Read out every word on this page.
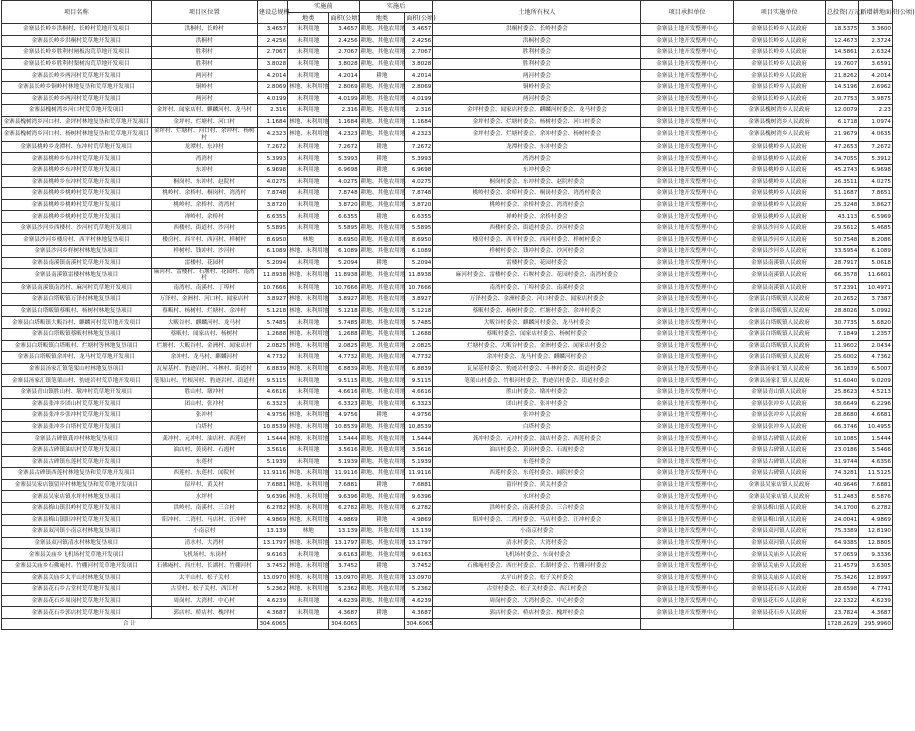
项目名称	项目区位置	建设总规模	实施前		实施后		土地所有权人	项目承担单位	项目实施单位	总投资(万元)	新增耕地面积(公顷)
			地类	面积(公顷)	地类	面积(公顷)					
金寨县长岭乡洪桐村、长岭村荒地开发项目	洪桐村、长岭村	3.4657	未利用地	3.4657	耕地、其他农用地	3.4657	洪桐村委会、长岭村委会	金寨县土地开发整理中心	金寨县长岭乡人民政府	18.5375	3.3600
金寨县长岭乡洪桐村荒草地开发项目	洪桐村	2.4256	未利用地	2.4256	耕地、其他农用地	2.4256	洪桐村委会	金寨县土地开发整理中心	金寨县长岭乡人民政府	12.4673	2.3724
金寨县长岭乡胜利村闸板沟荒草地开发项目	胜利村	2.7067	未利用地	2.7067	耕地、其他农用地	2.7067	胜利村委会	金寨县土地开发整理中心	金寨县长岭乡人民政府	14.5861	2.6324
金寨县长岭乡胜利村梨树沟荒草地开发项目	胜利村	3.8028	未利用地	3.8028	耕地、其他农用地	3.8028	胜利村委会	金寨县土地开发整理中心	金寨县长岭乡人民政府	19.7607	3.6591
金寨县长岭乡两河村荒草地开发项目	两河村	4.2014	未利用地	4.2014	耕地	4.2014	两河村委会	金寨县土地开发整理中心	金寨县长岭乡人民政府	21.8262	4.2014
金寨县长岭乡铜岭村林地复垦和荒草地开发项目	铜岭村	2.8069	林地、未利用地	2.8069	耕地、其他农用地	2.8069	铜岭村委会	金寨县土地开发整理中心	金寨县长岭乡人民政府	14.5196	2.6962
金寨县长岭乡两河村荒草地开发项目	两河村	4.0199	未利用地	4.0199	耕地、其他农用地	4.0199	两河村委会	金寨县土地开发整理中心	金寨县长岭乡人民政府	20.7753	3.9875
金寨县槐树湾乡河口村荒草地开发项目	金坪村、闻家店村、麒麟河村、龙马村	2.316	未利用地	2.316	耕地、其他农用地	2.316	金坪村委会、闻家店村委会、麒麟河村委会、龙马村委会	金寨县土地开发整理中心	金寨县槐树湾乡人民政府	12.0079	2.23
金寨县槐树湾乡河口村、金坪村林地复垦和荒草地开发项目	金坪村、烂塘村、河口村	1.1684	林地、未利用地	1.1684	耕地、其他农用地	1.1684	金坪村委会、烂塘村委会、杨树村委会、河口村委会	金寨县土地开发整理中心	金寨县槐树湾乡人民政府	6.1718	1.0974
金寨县槐树湾乡河口村、杨树村林地复垦和荒草地开发项目	金坪村、烂塘村、河口村、余冲村、杨树村	4.2323	林地、未利用地	4.2323	耕地、其他农用地	4.2323	金坪村委会、烂塘村委会、余冲村委会、杨树村委会	金寨县土地开发整理中心	金寨县槐树湾乡人民政府	21.9679	4.0635
金寨县桃岭乡龙潭村、东冲村荒草地开发项目	龙潭村、东冲村	7.2672	未利用地	7.2672	耕地	7.2672	龙潭村委会、东冲村委会	金寨县土地开发整理中心	金寨县桃岭乡人民政府	47.2653	7.2672
金寨县桃岭乡东冲村荒草地开发项目	湾湾村	5.3993	未利用地	5.3993	耕地	5.3993	湾湾村委会	金寨县土地开发整理中心	金寨县桃岭乡人民政府	34.7055	5.3912
金寨县桃岭乡东冲村荒草地开发项目	东冲村	6.9698	未利用地	6.9698	耕地	6.9698	东冲村委会	金寨县土地开发整理中心	金寨县桃岭乡人民政府	45.2743	6.9698
金寨县桃岭乡东冲村荒草地开发项目	桐岗村、东冲村、赵院村	4.0275	未利用地	4.0275	耕地、其他农用地	4.0275	桐岗村委会、东冲村委会、赵院村委会	金寨县土地开发整理中心	金寨县桃岭乡人民政府	26.3511	4.0275
金寨县桃岭乡桃岭村荒草地开发项目	桃岭村、余桥村、桐岗村、湾湾村	7.8748	未利用地	7.8748	耕地、其他农用地	7.8748	桃岭村委会、余桥村委会、桐岗村委会、湾湾村委会	金寨县土地开发整理中心	金寨县桃岭乡人民政府	51.1687	7.8651
金寨县桃岭乡桃岭村荒草地开发项目	桃岭村、余桥村、湾湾村	3.8720	未利用地	3.8720	耕地、其他农用地	3.8720	桃岭村委会、余桥村委会、湾湾村委会	金寨县土地开发整理中心	金寨县桃岭乡人民政府	25.3248	3.8627
金寨县桃岭乡桃岭村荒草地开发项目	禅岭村、余桥村	6.6355	未利用地	6.6355	耕地	6.6355	禅岭村委会、余桥村委会	金寨县土地开发整理中心	金寨县桃岭乡人民政府	43.113	6.5969
金寨县沙河乡西楼村、沙河村荒草地开发项目	西楼村、街道村、沙河村	5.5895	未利用地	5.5895	耕地、其他农用地	5.5895	西楼村委会、街道村委会、沙河村委会	金寨县土地开发整理中心	金寨县沙河乡人民政府	29.5612	5.4685
金寨县沙河乡楼房村、西平村林地复垦项目	楼房村、西平村、西河村、样树村	8.6950	林地	8.6950	耕地、其他农用地	8.6950	楼房村委会、西平村委会、西河村委会、样树村委会	金寨县土地开发整理中心	金寨县沙河乡人民政府	50.7548	8.2086
金寨县沙河乡样树村林地复垦项目	样树村、钱冲村、沙河村	6.1089	林地、未利用地	6.1089	耕地、其他农用地	6.1089	样树村委会、钱冲村委会、沙河村委会	金寨县土地开发整理中心	金寨县沙河乡人民政府	33.5954	6.1089
金寨县南溪镇南溪村荒草地开发项目	雷楼村、花园村	5.2094	未利用地	5.2094	耕地	5.2094	雷楼村委会、花园村委会	金寨县土地开发整理中心	金寨县南溪镇人民政府	28.7917	5.0618
金寨县南溪镇雷楼村林地复垦项目	麻河村、雷楼村、石堰村、花园村、南湾村	11.8938	林地、未利用地	11.8938	耕地、其他农用地	11.8938	麻河村委会、雷楼村委会、石堰村委会、花园村委会、南湾村委会	金寨县土地开发整理中心	金寨县南溪镇人民政府	66.3578	11.6601
金寨县南溪镇南湾村、麻河村荒草地开发项目	南湾村、南溪村、丁埠村	10.7666	未利用地	10.7666	耕地、其他农用地	10.7666	南湾村委会、丁埠村委会、南溪村委会	金寨县土地开发整理中心	金寨县南溪镇人民政府	57.2391	10.4971
金寨县白塔畈镇万泽村林地复垦项目	万泽村、金洲村、河口村、闻家店村	3.8927	林地、未利用地	3.8927	耕地、其他农用地	3.8927	万泽村委会、金洲村委会、河口村委会、闻家店村委会	金寨县土地开发整理中心	金寨县白塔畈镇人民政府	20.2652	3.7387
金寨县白塔畈镇蔡畈村、杨树村林地复垦项目	蔡畈村、杨树村、烂塘村、余冲村	5.1218	林地、未利用地	5.1218	耕地、其他农用地	5.1218	蔡畈村委会、杨树村委会、烂塘村委会、余冲村委会	金寨县土地开发整理中心	金寨县白塔畈镇人民政府	28.8026	5.0992
金寨县白塔畈镇大畈谷村、麒麟河村荒草地开发项目	大畈谷村、麒麟河村、龙马村	5.7485	未利用地	5.7485	耕地、其他农用地	5.7485	大畈谷村委会、麒麟河村委会、龙马村委会	金寨县土地开发整理中心	金寨县白塔畈镇人民政府	30.7735	5.6820
金寨县白塔畈镇蔡畈村林地复垦项目	蔡畈村、闻家店村、杨树村	1.2688	林地、未利用地	1.2688	耕地、其他农用地	1.2688	蔡畈村委会、闻家店村委会、杨树村委会	金寨县土地开发整理中心	金寨县白塔畈镇人民政府	7.1849	1.2357
金寨县白塔畈镇白塔畈村、烂塘村等林地复垦项目	烂塘村、大畈谷村、金洲村、闻家店村	2.0825	林地、未利用地	2.0825	耕地、其他农用地	2.0825	烂塘村委会、大畈谷村委会、金洲村委会、闻家店村委会	金寨县土地开发整理中心	金寨县白塔畈镇人民政府	11.9602	2.0434
金寨县白塔畈镇余冲村、龙马村荒草地开发项目	余冲村、龙马村、麒麟河村	4.7732	未利用地	4.7732	耕地、其他农用地	4.7732	余冲村委会、龙马村委会、麒麟河村委会	金寨县土地开发整理中心	金寨县白塔畈镇人民政府	25.6002	4.7362
金寨县汤家汇镇笔架山村林地复垦项目	瓦屋基村、豹迹岩村、斗林村、街道村	6.8839	林地、未利用地	6.8839	耕地、其他农用地	6.8839	瓦屋基村委会、豹迹岩村委会、斗林村委会、街道村委会	金寨县土地开发整理中心	金寨县汤家汇镇人民政府	36.1839	6.5007
金寨县汤家汇镇笔架山村、豹迹岩村荒草地开发项目	笔架山村、竹根河村、豹迹岩村、街道村	9.5115	未利用地	9.5115	耕地、其他农用地	9.5115	笔架山村委会、竹根河村委会、豹迹岩村委会、街道村委会	金寨县土地开发整理中心	金寨县汤家汇镇人民政府	51.6040	9.0209
金寨县青山镇胜山村、墩冲村荒草地开发项目	胜山村、墩冲村	4.6616	未利用地	4.6616	耕地、其他农用地	4.6616	胜山村委会、墩冲村委会	金寨县土地开发整理中心	金寨县青山镇人民政府	25.8623	4.5213
金寨县张冲乡团山村荒草地开发项目	团山村、张冲村	6.3323	未利用地	6.3323	耕地、其他农用地	6.3323	团山村委会、张冲村委会	金寨县土地开发整理中心	金寨县张冲乡人民政府	38.6649	6.2296
金寨县张冲乡张冲村荒草地开发项目	张冲村	4.9756	林地、未利用地	4.9756	耕地	4.9756	张冲村委会	金寨县土地开发整理中心	金寨县张冲乡人民政府	28.8680	4.6681
金寨县张冲乡白塔村荒草地开发项目	白塔村	10.8539	林地、未利用地	10.8539	耕地、其他农用地	10.8539	白塔村委会	金寨县土地开发整理中心	金寨县张冲乡人民政府	66.3746	10.4955
金寨县古碑镇龚冲村林地复垦项目	龚冲村、元冲村、油店村、西莲村	1.5444	林地、未利用地	1.5444	耕地、其他农用地	1.5444	龚冲村委会、元冲村委会、油店村委会、西莲村委会	金寨县土地开发整理中心	金寨县古碑镇人民政府	10.1085	1.5444
金寨县古碑镇油店村荒草地开发项目	油店村、黄岗村、石霞村	3.5616	未利用地	3.5616	耕地、其他农用地	3.5616	油店村委会、黄岗村委会、石霞村委会	金寨县土地开发整理中心	金寨县古碑镇人民政府	23.0186	3.5466
金寨县古碑镇东莲村荒草地开发项目	东莲村	5.1939	未利用地	5.1939	耕地、其他农用地	5.1939	东莲村委会	金寨县土地开发整理中心	金寨县古碑镇人民政府	31.9744	4.6356
金寨县古碑镇西莲村林地复垦和荒草地开发项目	西莲村、东莲村、闻院村	11.9116	林地、未利用地	11.9116	耕地、其他农用地	11.9116	西莲村委会、东莲村委会、闻院村委会	金寨县土地开发整理中心	金寨县古碑镇人民政府	74.3281	11.5125
金寨县吴家店镇留岸村林地复垦和荒草地开发项目	留岸村、黄关村	7.6881	林地、未利用地	7.6881	耕地	7.6881	留岸村委会、黄关村委会	金寨县土地开发整理中心	金寨县吴家店镇人民政府	40.9646	7.6881
金寨县吴家店镇水坪村林地复垦项目	水坪村	9.6396	林地、未利用地	9.6396	耕地、其他农用地	9.6396	水坪村委会	金寨县土地开发整理中心	金寨县吴家店镇人民政府	51.2483	8.5876
金寨县梅山镇洪岭村荒草地开发项目	洪岭村、南溪村、三合村	6.2782	林地、未利用地	6.2782	耕地、其他农用地	6.2782	洪岭村委会、南溪村委会、三合村委会	金寨县土地开发整理中心	金寨县梅山镇人民政府	34.1700	6.2782
金寨县梅山镇阳冲村荒草地开发项目	阳冲村、二湾村、马店村、汪冲村	4.9869	林地、未利用地	4.9869	耕地	4.9869	阳冲村委会、二湾村委会、马店村委会、汪冲村委会	金寨县土地开发整理中心	金寨县梅山镇人民政府	24.0041	4.9869
金寨县双河镇小南京村林地复垦项目	小南京村	13.139	林地	13.139	耕地、其他农用地	13.139	小南京村委会	金寨县土地开发整理中心	金寨县双河镇人民政府	75.3389	12.8190
金寨县双河镇清水村林地复垦项目	清水村、大湾村	13.1797	林地、未利用地	13.1797	耕地、其他农用地	13.1797	清水村委会、大湾村委会	金寨县土地开发整理中心	金寨县双河镇人民政府	64.9385	12.8805
金寨县关庙乡飞机场村荒草地开发项目	飞机场村、东岗村	9.6163	未利用地	9.6163	耕地、其他农用地	9.6163	飞机场村委会、东岗村委会	金寨县土地开发整理中心	金寨县关庙乡人民政府	57.0659	9.3336
金寨县关庙乡石佛庵村、竹棚河村荒草地开发项目	石佛庵村、西庄村、长湖村、竹棚河村	3.7452	林地、未利用地	3.7452	耕地	3.7452	石佛庵村委会、西庄村委会、长湖村委会、竹棚河村委会	金寨县土地开发整理中心	金寨县关庙乡人民政府	21.4579	3.6305
金寨县关庙乡太平山村林地复垦项目	太平山村、松子关村	13.0970	林地、未利用地	13.0970	耕地、其他农用地	13.0970	太平山村委会、松子关村委会	金寨县土地开发整理中心	金寨县关庙乡人民政府	75.3426	12.8997
金寨县花石乡古堂村荒草地开发项目	古堂村、松子关村、西江村	5.2362	林地、未利用地	5.2362	耕地、其他农用地	5.2362	古堂村委会、松子关村委会、西江村委会	金寨县土地开发整理中心	金寨县花石乡人民政府	28.6598	4.7741
金寨县花石乡周岗村荒草地开发项目	周岗村、大湾村、中心村	4.6239	未利用地	4.6239	耕地、其他农用地	4.6239	周岗村委会、大湾村委会、中心村委会	金寨县土地开发整理中心	金寨县花石乡人民政府	22.1322	4.6239
金寨县花石乡郭店村荒草地开发项目	郭店村、桥店村、槐坪村	4.3687	未利用地	4.3687	耕地	4.3687	郭店村委会、桥店村委会、槐坪村委会	金寨县土地开发整理中心	金寨县花石乡人民政府	23.7824	4.3687
合 计		304.6065		304.6065		304.6065				1728.2629	295.9960
